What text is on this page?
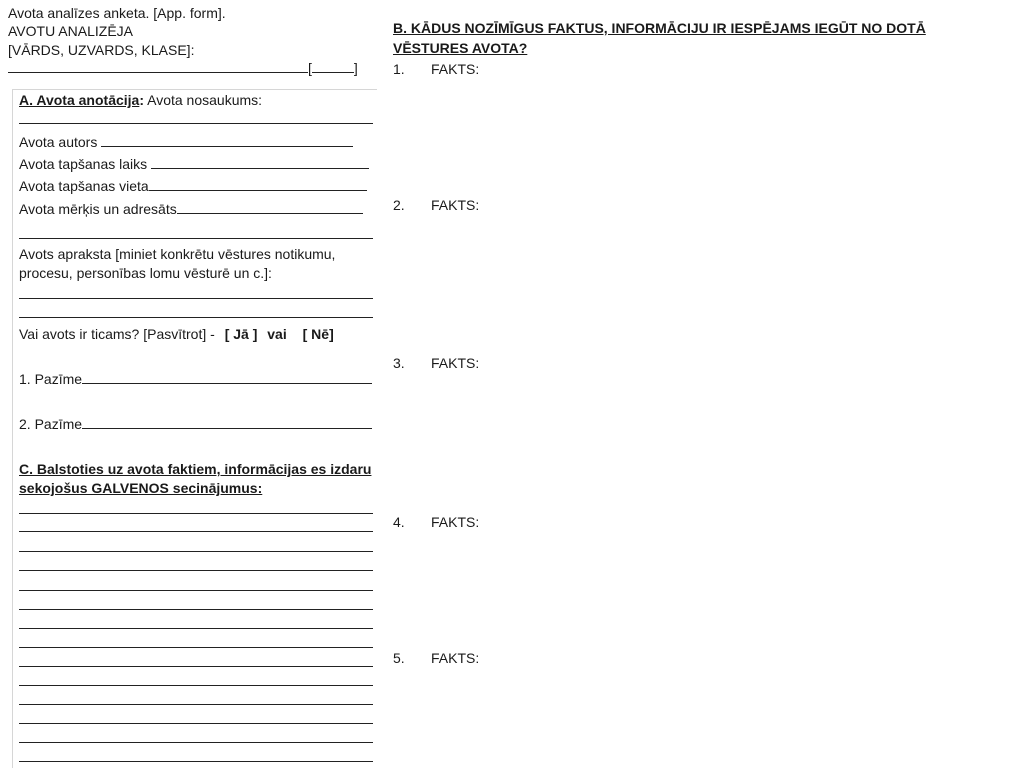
Avota analīzes anketa. [App. form].
AVOTU ANALIZĒJA
[VĀRDS, UZVARDS, KLASE]:
[	]
A. Avota anotācija: Avota nosaukums:
Avota autors
Avota tapšanas laiks
Avota tapšanas vieta
Avota mērķis un adresāts
Avots apraksta [miniet konkrētu vēstures notikumu,
procesu, personības lomu vēsturē un c.]:
Vai avots ir ticams? [Pasvītrot] - [ Jā ] vai [ Nē]
1. Pazīme
2. Pazīme
C. Balstoties uz avota faktiem, informācijas es izdaru
sekojošus GALVENOS secinājumus:
B. KĀDUS NOZĪMĪGUS FAKTUS, INFORMĀCIJU IR IESPĒJAMS IEGŪT NO DOTĀ VĒSTURES AVOTA?
1. FAKTS:
2. FAKTS:
3. FAKTS:
4. FAKTS:
5. FAKTS:
